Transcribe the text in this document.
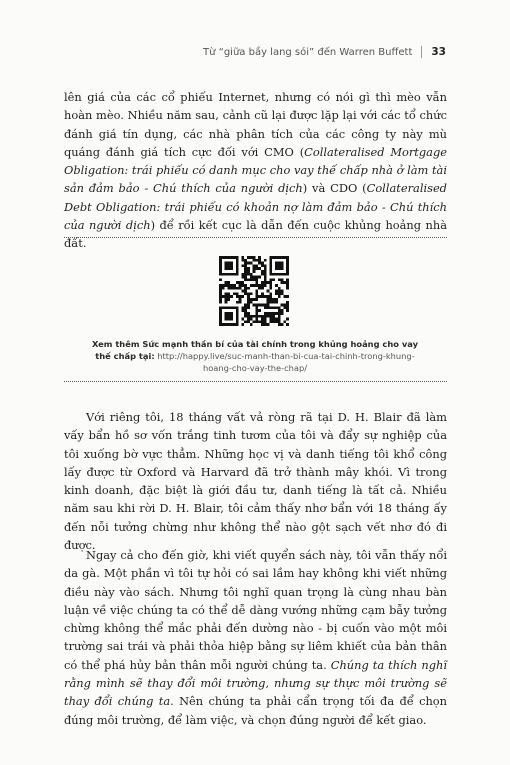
Từ “giữa bầy lang sói” đến Warren Buffett 33

lên giá của các cổ phiếu Internet, nhưng có nói gì thì mèo vẫn hoàn mèo. Nhiều năm sau, cảnh cũ lại được lặp lại với các tổ chức đánh giá tín dụng, các nhà phân tích của các công ty này mù quáng đánh giá tích cực đối với CMO (Collateralised Mortgage Obligation: trái phiếu có danh mục cho vay thế chấp nhà ở làm tài sản đảm bảo - Chú thích của người dịch) và CDO (Collateralised Debt Obligation: trái phiếu có khoản nợ làm đảm bảo - Chú thích của người dịch) để rồi kết cục là dẫn đến cuộc khủng hoảng nhà đất.

Xem thêm Sức mạnh thần bí của tài chính trong khủng hoảng cho vay thế chấp tại: http://happy.live/suc-manh-than-bi-cua-tai-chinh-trong-khung-hoang-cho-vay-the-chap/

Với riêng tôi, 18 tháng vất vả ròng rã tại D. H. Blair đã làm vấy bẩn hồ sơ vốn trắng tinh tươm của tôi và đẩy sự nghiệp của tôi xuống bờ vực thẳm. Những học vị và danh tiếng tôi khổ công lấy được từ Oxford và Harvard đã trở thành mây khói. Vì trong kinh doanh, đặc biệt là giới đầu tư, danh tiếng là tất cả. Nhiều năm sau khi rời D. H. Blair, tôi cảm thấy nhơ bẩn với 18 tháng ấy đến nỗi tưởng chừng như không thể nào gột sạch vết nhơ đó đi được.

Ngay cả cho đến giờ, khi viết quyển sách này, tôi vẫn thấy nổi da gà. Một phần vì tôi tự hỏi có sai lầm hay không khi viết những điều này vào sách. Nhưng tôi nghĩ quan trọng là cùng nhau bàn luận về việc chúng ta có thể dễ dàng vướng những cạm bẫy tưởng chừng không thể mắc phải đến dường nào - bị cuốn vào một môi trường sai trái và phải thỏa hiệp bằng sự liêm khiết của bản thân có thể phá hủy bản thân mỗi người chúng ta. Chúng ta thích nghĩ rằng mình sẽ thay đổi môi trường, nhưng sự thực môi trường sẽ thay đổi chúng ta. Nên chúng ta phải cẩn trọng tối đa để chọn đúng môi trường, để làm việc, và chọn đúng người để kết giao.
